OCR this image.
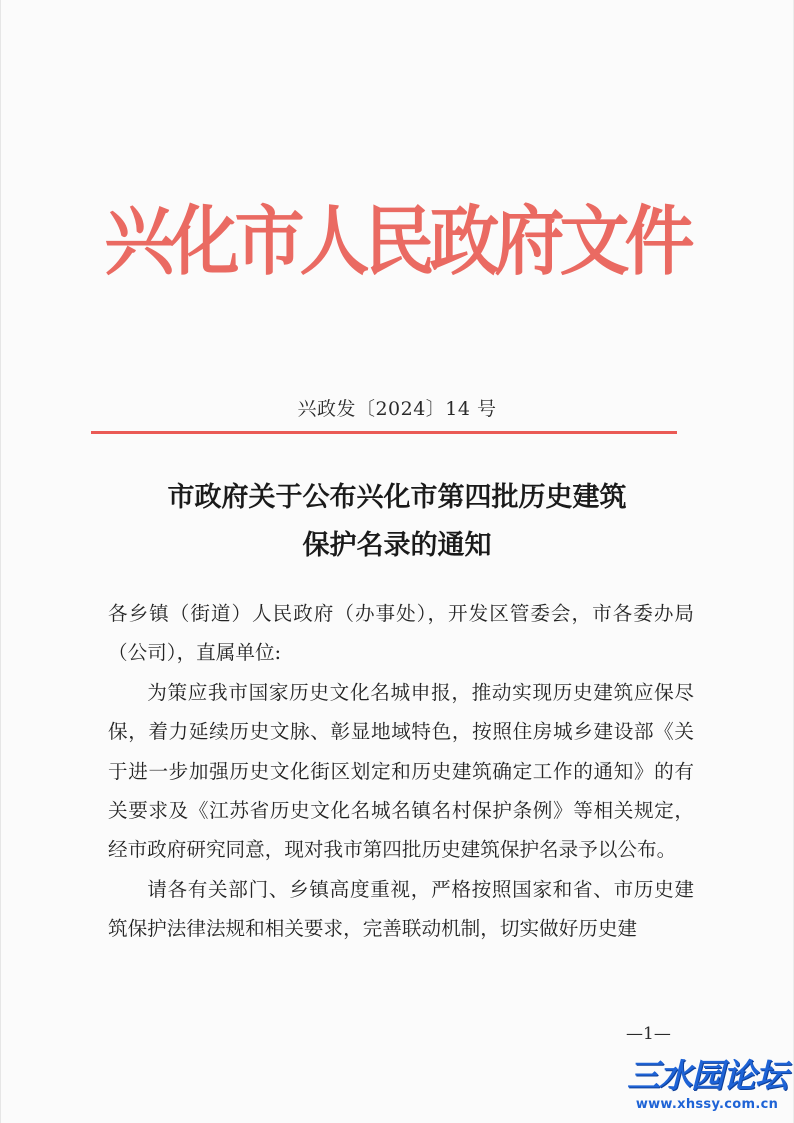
兴化市人民政府文件
兴政发〔2024〕14 号
市政府关于公布兴化市第四批历史建筑
保护名录的通知

各乡镇（街道）人民政府（办事处），开发区管委会，市各委办局（公司），直属单位:

为策应我市国家历史文化名城申报，推动实现历史建筑应保尽保，着力延续历史文脉、彰显地域特色，按照住房城乡建设部《关于进一步加强历史文化街区划定和历史建筑确定工作的通知》的有关要求及《江苏省历史文化名城名镇名村保护条例》等相关规定，经市政府研究同意，现对我市第四批历史建筑保护名录予以公布。

请各有关部门、乡镇高度重视，严格按照国家和省、市历史建筑保护法律法规和相关要求，完善联动机制，切实做好历史建

—1—
三水园论坛
www.xhssy.com.cn
